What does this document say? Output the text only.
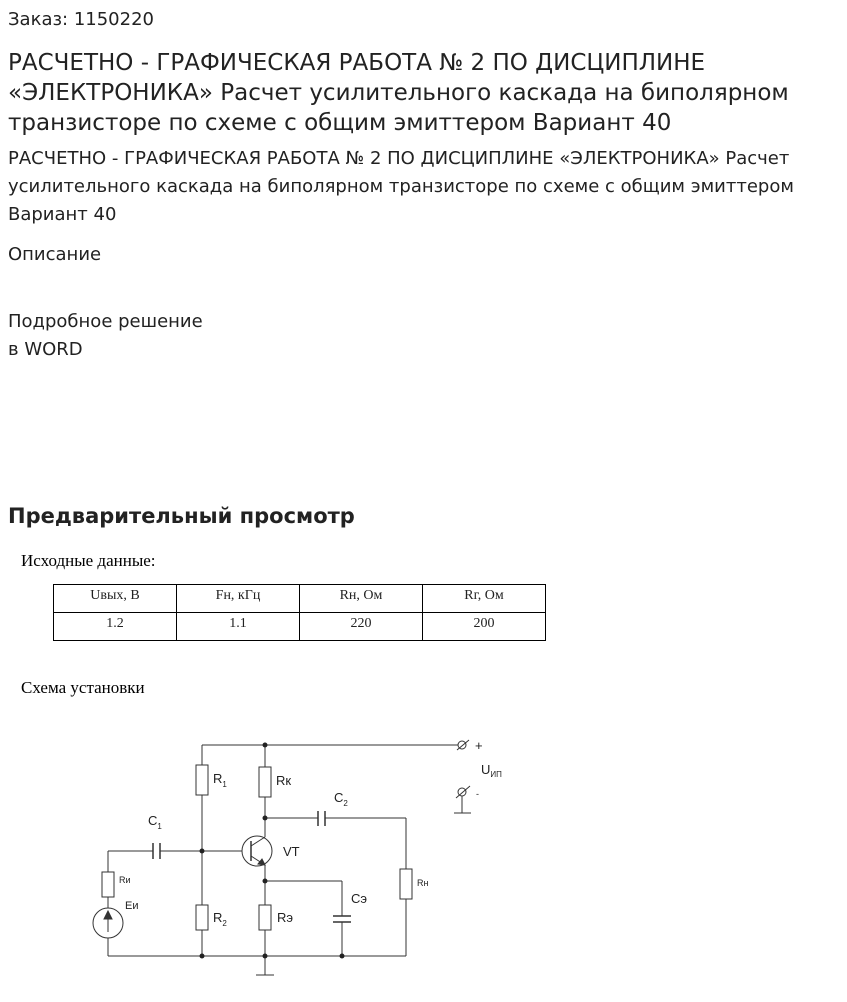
Заказ: 1150220
РАСЧЕТНО - ГРАФИЧЕСКАЯ РАБОТА № 2 ПО ДИСЦИПЛИНЕ «ЭЛЕКТРОНИКА» Расчет усилительного каскада на биполярном транзисторе по схеме с общим эмиттером Вариант 40
РАСЧЕТНО - ГРАФИЧЕСКАЯ РАБОТА № 2 ПО ДИСЦИПЛИНЕ «ЭЛЕКТРОНИКА» Расчет усилительного каскада на биполярном транзисторе по схеме с общим эмиттером Вариант 40
Описание
Подробное решение
в WORD
Предварительный просмотр
Исходные данные:
Uвых, В	Fн, кГц	Rн, Ом	Rг, Ом
1.2	1.1	220	200
Схема установки
$R_1$	Rк
$C_2$
$C_1$
VT
Rи
Еи
$R_2$	Rэ
Сэ
Rн
+
-
$U_{ИП}$
